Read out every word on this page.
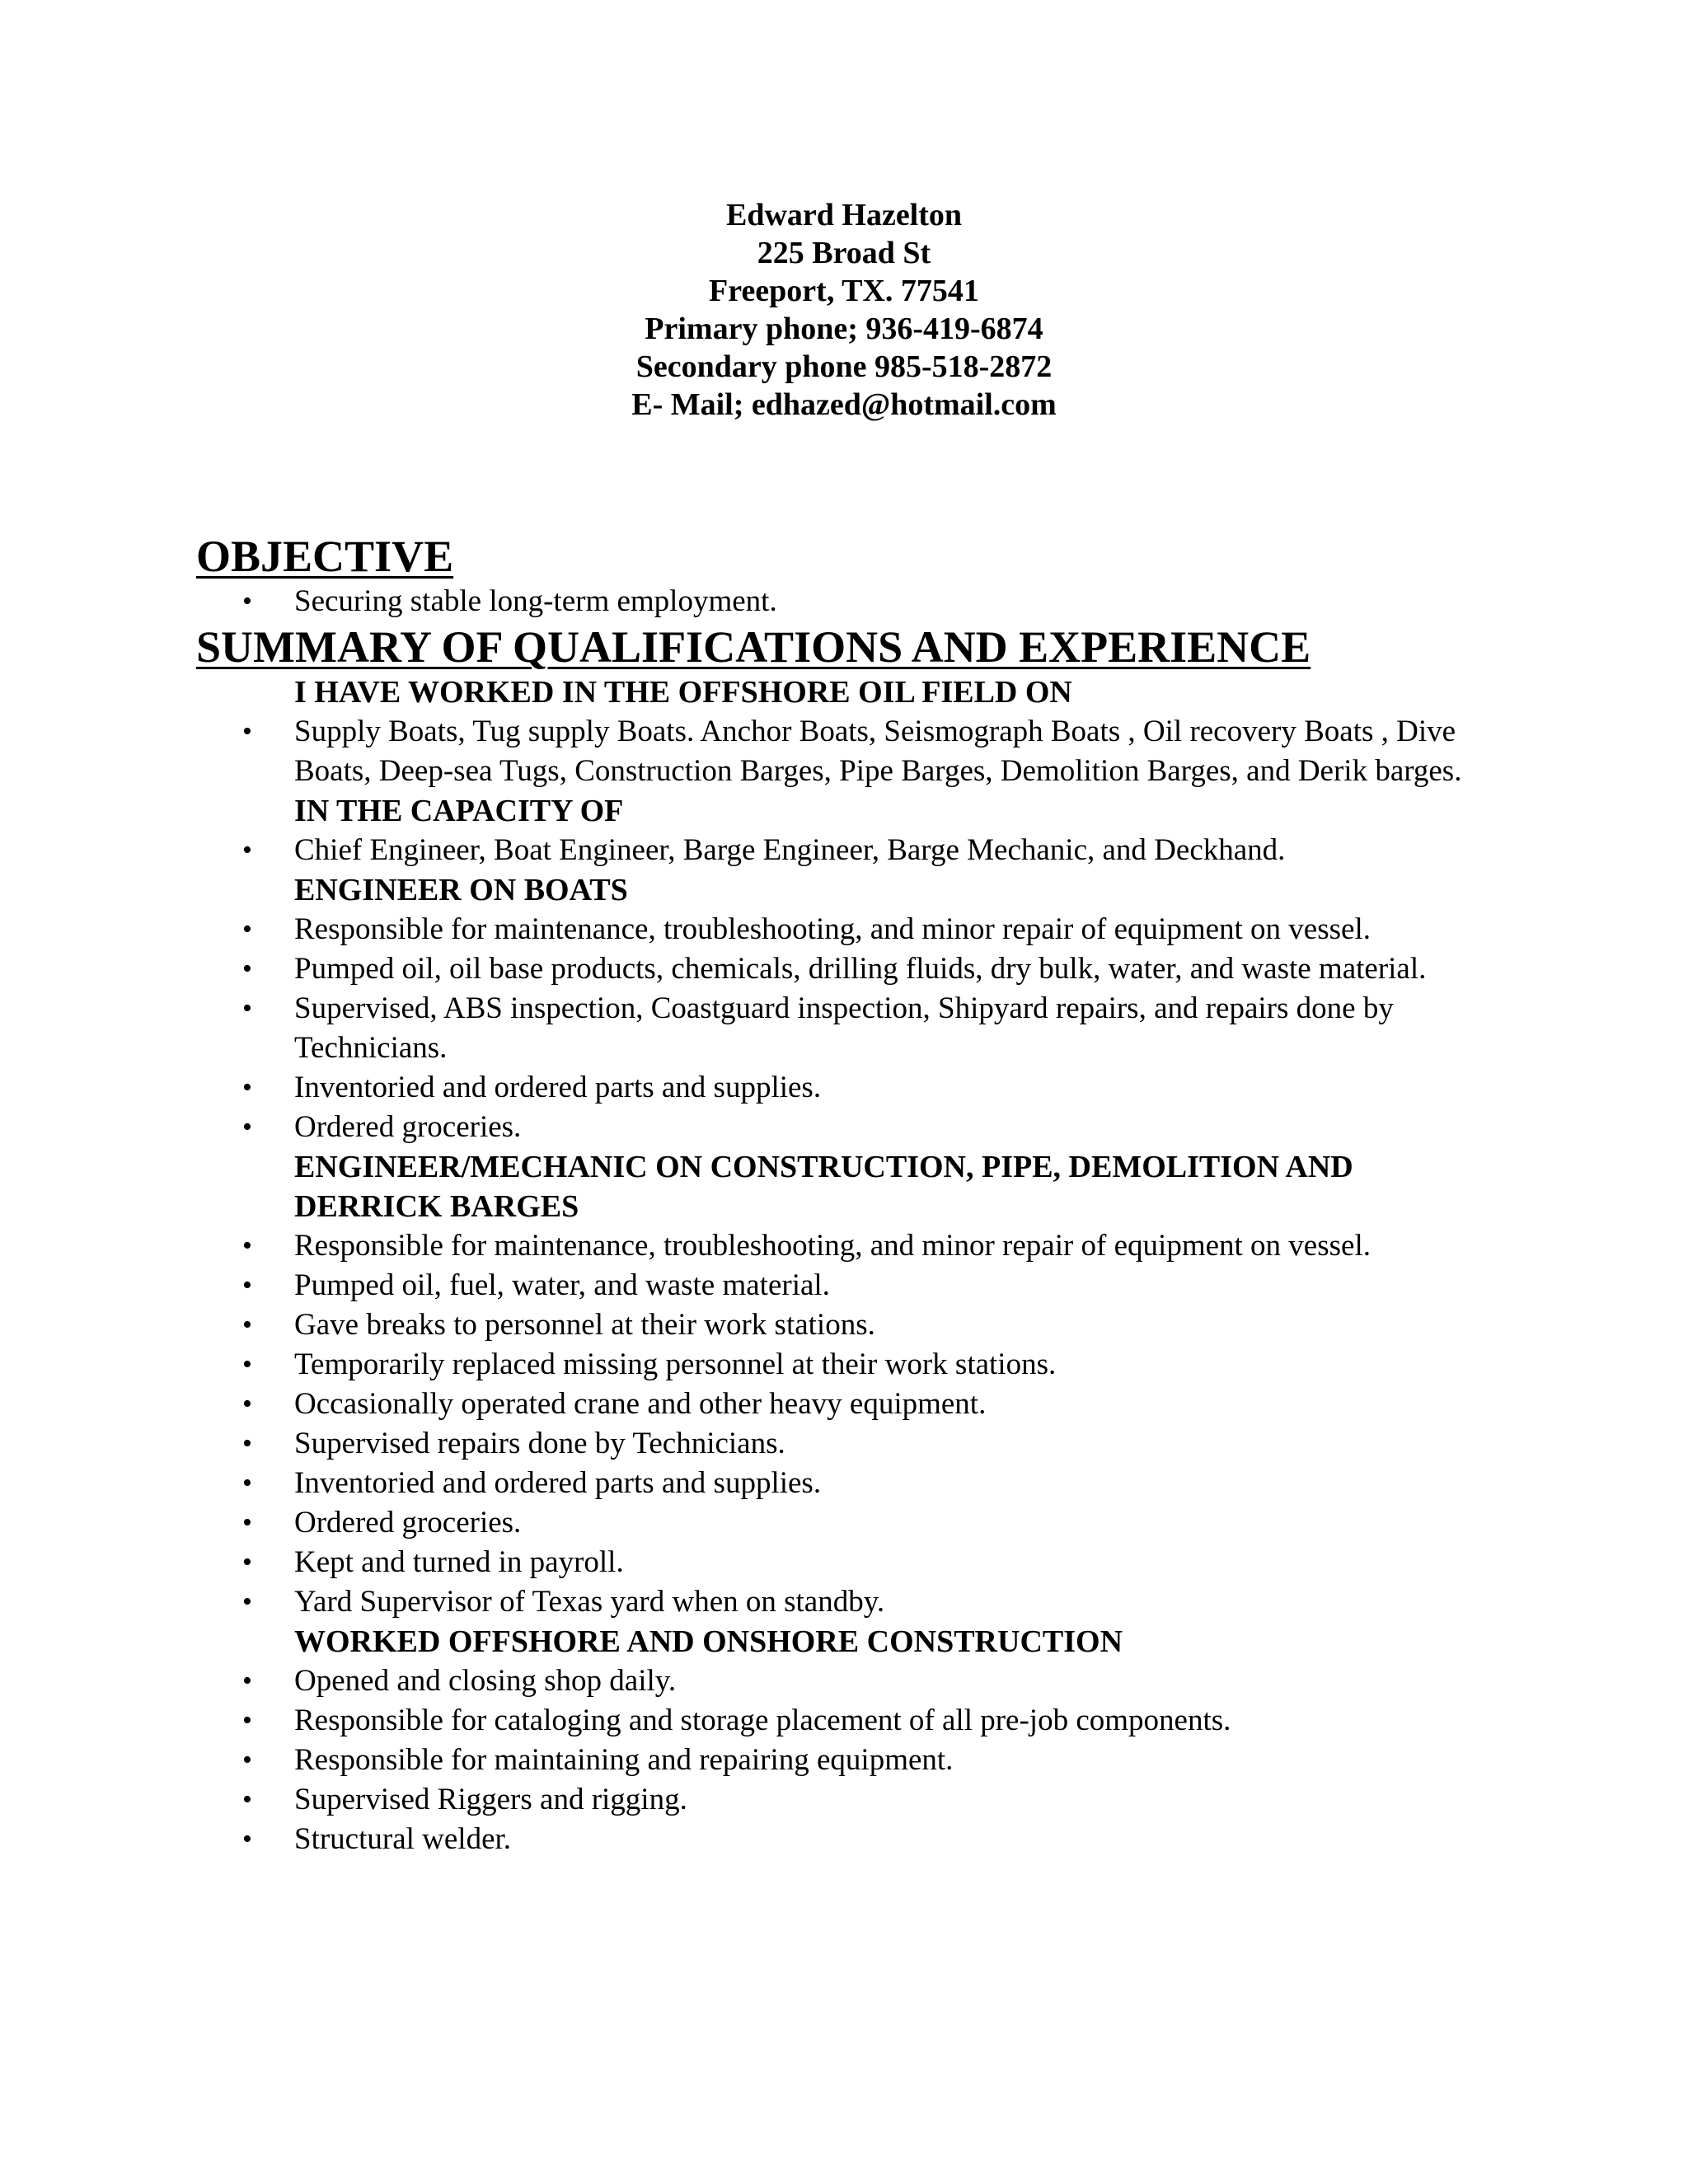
Edward Hazelton
225 Broad St
Freeport, TX. 77541
Primary phone; 936-419-6874
Secondary phone 985-518-2872
E- Mail; edhazed@hotmail.com
OBJECTIVE
• Securing stable long-term employment.
SUMMARY OF QUALIFICATIONS AND EXPERIENCE
I HAVE WORKED IN THE OFFSHORE OIL FIELD ON
• Supply Boats, Tug supply Boats. Anchor Boats, Seismograph Boats , Oil recovery Boats , Dive Boats, Deep-sea Tugs, Construction Barges, Pipe Barges, Demolition Barges, and Derik barges.
IN THE CAPACITY OF
• Chief Engineer, Boat Engineer, Barge Engineer, Barge Mechanic, and Deckhand.
ENGINEER ON BOATS
• Responsible for maintenance, troubleshooting, and minor repair of equipment on vessel.
• Pumped oil, oil base products, chemicals, drilling fluids, dry bulk, water, and waste material.
• Supervised, ABS inspection, Coastguard inspection, Shipyard repairs, and repairs done by Technicians.
• Inventoried and ordered parts and supplies.
• Ordered groceries.
ENGINEER/MECHANIC ON CONSTRUCTION, PIPE, DEMOLITION AND
DERRICK BARGES
• Responsible for maintenance, troubleshooting, and minor repair of equipment on vessel.
• Pumped oil, fuel, water, and waste material.
• Gave breaks to personnel at their work stations.
• Temporarily replaced missing personnel at their work stations.
• Occasionally operated crane and other heavy equipment.
• Supervised repairs done by Technicians.
• Inventoried and ordered parts and supplies.
• Ordered groceries.
• Kept and turned in payroll.
• Yard Supervisor of Texas yard when on standby.
WORKED OFFSHORE AND ONSHORE CONSTRUCTION
• Opened and closing shop daily.
• Responsible for cataloging and storage placement of all pre-job components.
• Responsible for maintaining and repairing equipment.
• Supervised Riggers and rigging.
• Structural welder.
